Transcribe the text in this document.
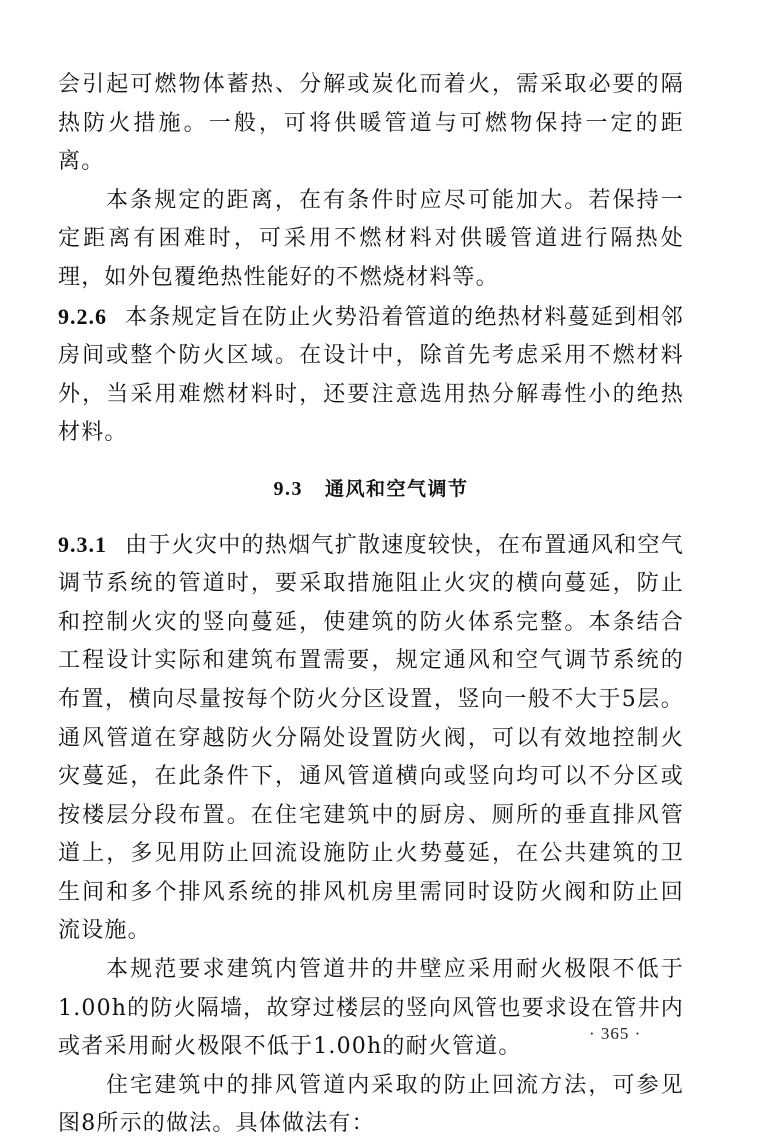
会引起可燃物体蓄热、分解或炭化而着火，需采取必要的隔热防火措施。一般，可将供暖管道与可燃物保持一定的距离。

本条规定的距离，在有条件时应尽可能加大。若保持一定距离有困难时，可采用不燃材料对供暖管道进行隔热处理，如外包覆绝热性能好的不燃烧材料等。

9.2.6 本条规定旨在防止火势沿着管道的绝热材料蔓延到相邻房间或整个防火区域。在设计中，除首先考虑采用不燃材料外，当采用难燃材料时，还要注意选用热分解毒性小的绝热材料。

9.3 通风和空气调节

9.3.1 由于火灾中的热烟气扩散速度较快，在布置通风和空气调节系统的管道时，要采取措施阻止火灾的横向蔓延，防止和控制火灾的竖向蔓延，使建筑的防火体系完整。本条结合工程设计实际和建筑布置需要，规定通风和空气调节系统的布置，横向尽量按每个防火分区设置，竖向一般不大于5层。通风管道在穿越防火分隔处设置防火阀，可以有效地控制火灾蔓延，在此条件下，通风管道横向或竖向均可以不分区或按楼层分段布置。在住宅建筑中的厨房、厕所的垂直排风管道上，多见用防止回流设施防止火势蔓延，在公共建筑的卫生间和多个排风系统的排风机房里需同时设防火阀和防止回流设施。

本规范要求建筑内管道井的井壁应采用耐火极限不低于1.00h的防火隔墙，故穿过楼层的竖向风管也要求设在管井内或者采用耐火极限不低于1.00h的耐火管道。

住宅建筑中的排风管道内采取的防止回流方法，可参见图8所示的做法。具体做法有：

· 365 ·
